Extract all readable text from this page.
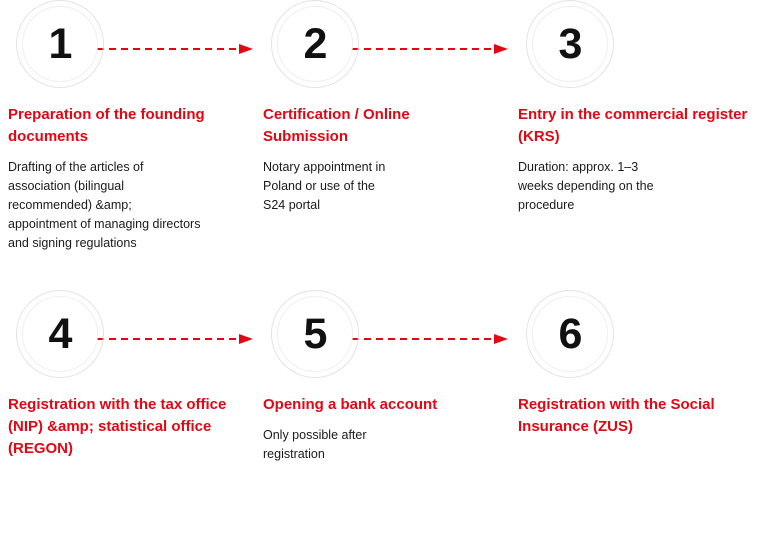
1

Preparation of the founding documents

Drafting of the articles of
association (bilingual
recommended) &amp;
appointment of managing directors
and signing regulations

2

Certification / Online Submission

Notary appointment in
Poland or use of the
S24 portal

3

Entry in the commercial register (KRS)

Duration: approx. 1–3
weeks depending on the
procedure

4

Registration with the tax office (NIP) &amp; statistical office (REGON)

5

Opening a bank account

Only possible after
registration

6

Registration with the Social Insurance (ZUS)
